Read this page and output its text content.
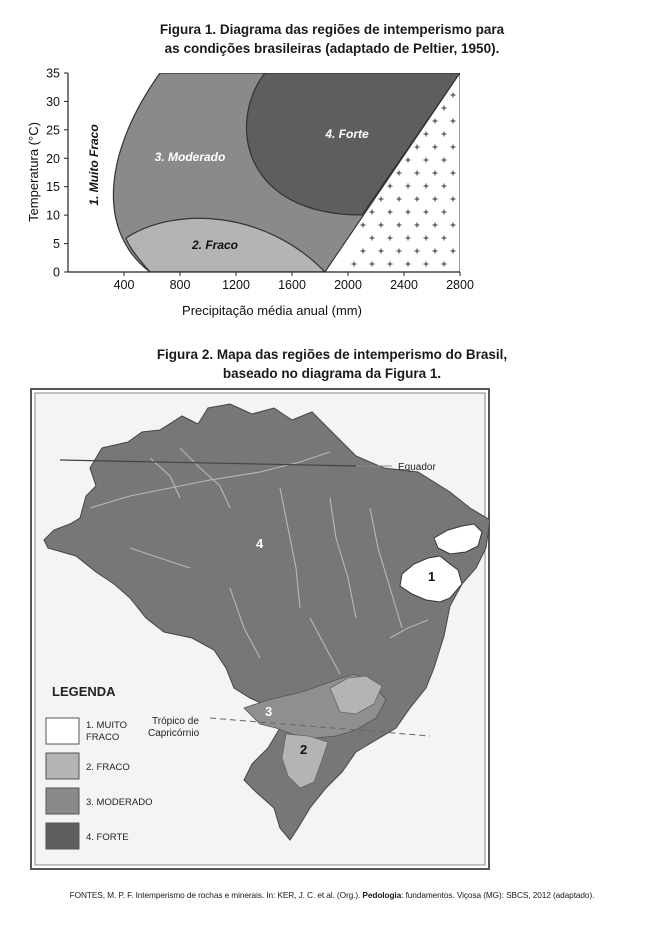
Figura 1. Diagrama das regiões de intemperismo para
as condições brasileiras (adaptado de Peltier, 1950).
400	800	1200 1600 2000 2400 2800
0
5
10
15
20
25
30
35
1. Muito Fraco
2. Fraco
3. Moderado
4. Forte
Precipitação média anual (mm)
Temperatura (°C)
Figura 2. Mapa das regiões de intemperismo do Brasil,
baseado no diagrama da Figura 1.
Equador
Trópico de
Capricórnio
1
2
3
4
LEGENDA
1. MUITO
FRACO
2. FRACO
3. MODERADO
4. FORTE
FONTES, M. P. F. Intemperismo de rochas e minerais. In: KER, J. C. et al. (Org.). Pedologia: fundamentos. Viçosa (MG): SBCS, 2012 (adaptado).
